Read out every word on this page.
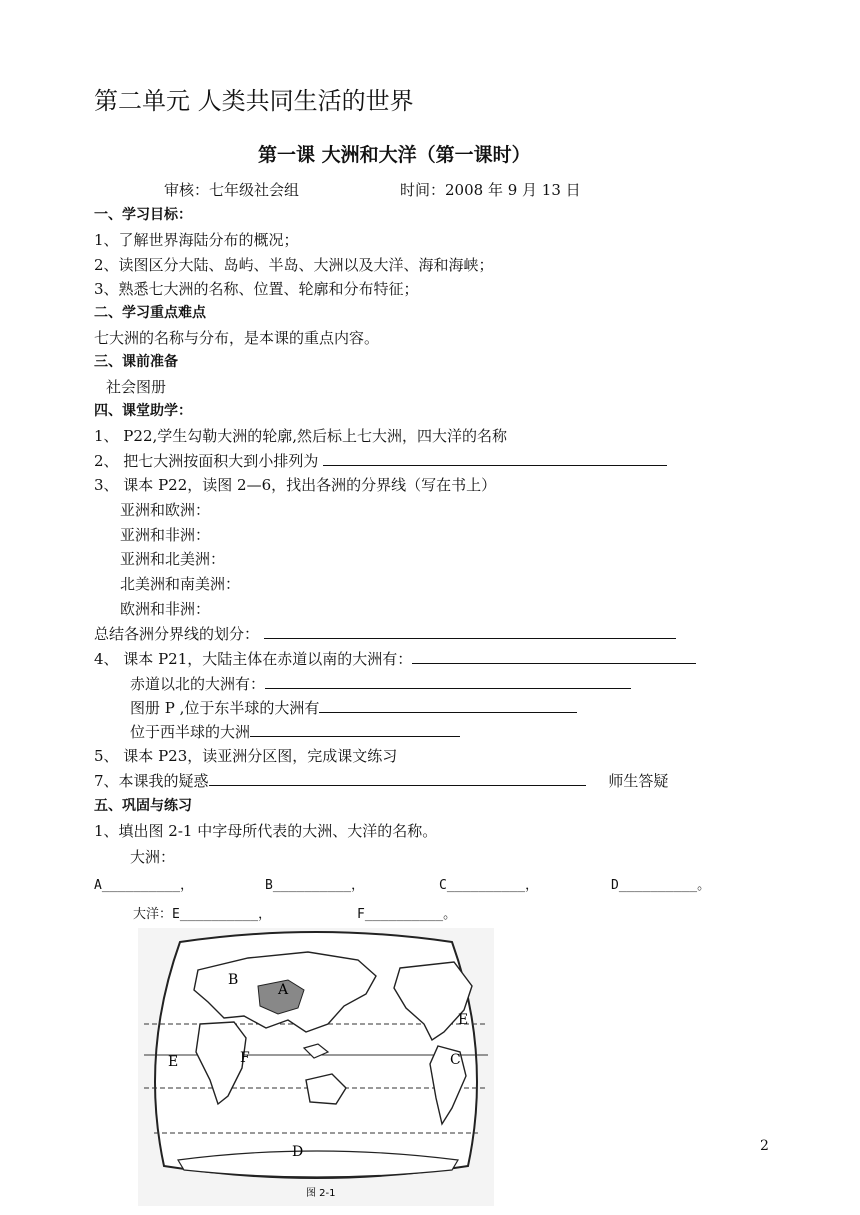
第二单元 人类共同生活的世界
第一课 大洲和大洋（第一课时）
审核：七年级社会组	时间：2008 年 9 月 13 日
一、学习目标：
1、了解世界海陆分布的概况；
2、读图区分大陆、岛屿、半岛、大洲以及大洋、海和海峡；
3、熟悉七大洲的名称、位置、轮廓和分布特征；
二、学习重点难点
七大洲的名称与分布，是本课的重点内容。
三、课前准备
社会图册
四、课堂助学：
1、 P22,学生勾勒大洲的轮廓,然后标上七大洲，四大洋的名称
2、 把七大洲按面积大到小排列为
3、 课本 P22，读图 2—6，找出各洲的分界线（写在书上）
亚洲和欧洲：
亚洲和非洲：
亚洲和北美洲：
北美洲和南美洲：
欧洲和非洲：
总结各洲分界线的划分：
4、 课本 P21，大陆主体在赤道以南的大洲有：
赤道以北的大洲有：
图册 P ,位于东半球的大洲有
位于西半球的大洲
5、 课本 P23，读亚洲分区图，完成课文练习
7、本课我的疑惑	师生答疑
五、巩固与练习
1、填出图 2-1 中字母所代表的大洲、大洋的名称。
大洲：
A__________，	B__________，	C__________，	D__________。
大洋：E__________，	F__________。
A
B
C
D
E
E	F
图 2-1
2
